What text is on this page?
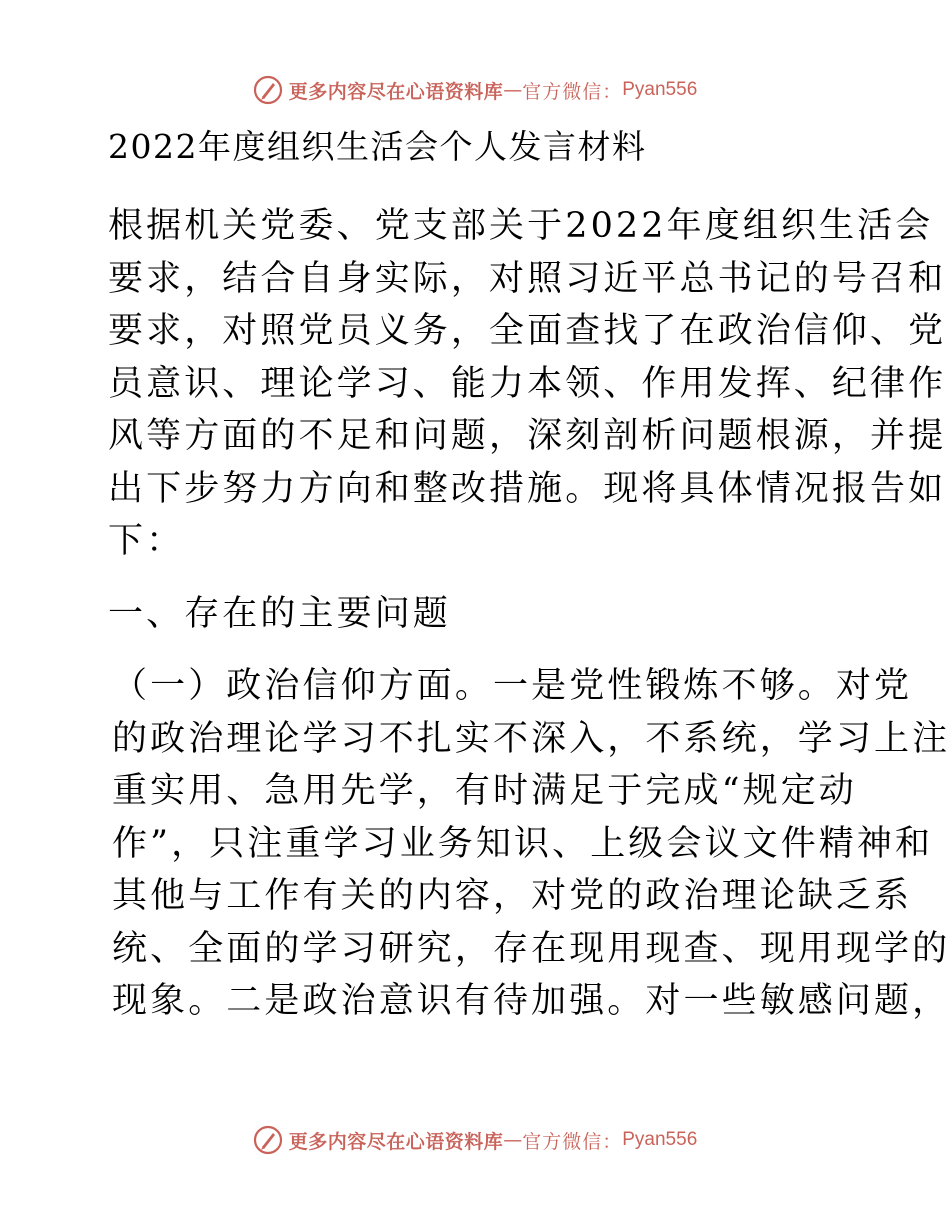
更多内容尽在心语资料库 — 官方微信： Pyan556
2022年度组织生活会个人发言材料

根据机关党委、党支部关于2022年度组织生活会
要求，结合自身实际，对照习近平总书记的号召和
要求，对照党员义务，全面查找了在政治信仰、党
员意识、理论学习、能力本领、作用发挥、纪律作
风等方面的不足和问题，深刻剖析问题根源，并提
出下步努力方向和整改措施。现将具体情况报告如
下：

一、存在的主要问题

（一）政治信仰方面。一是党性锻炼不够。对党
的政治理论学习不扎实不深入，不系统，学习上注
重实用、急用先学，有时满足于完成“规定动
作”，只注重学习业务知识、上级会议文件精神和
其他与工作有关的内容，对党的政治理论缺乏系
统、全面的学习研究，存在现用现查、现用现学的
现象。二是政治意识有待加强。对一些敏感问题，

更多内容尽在心语资料库 — 官方微信： Pyan556
